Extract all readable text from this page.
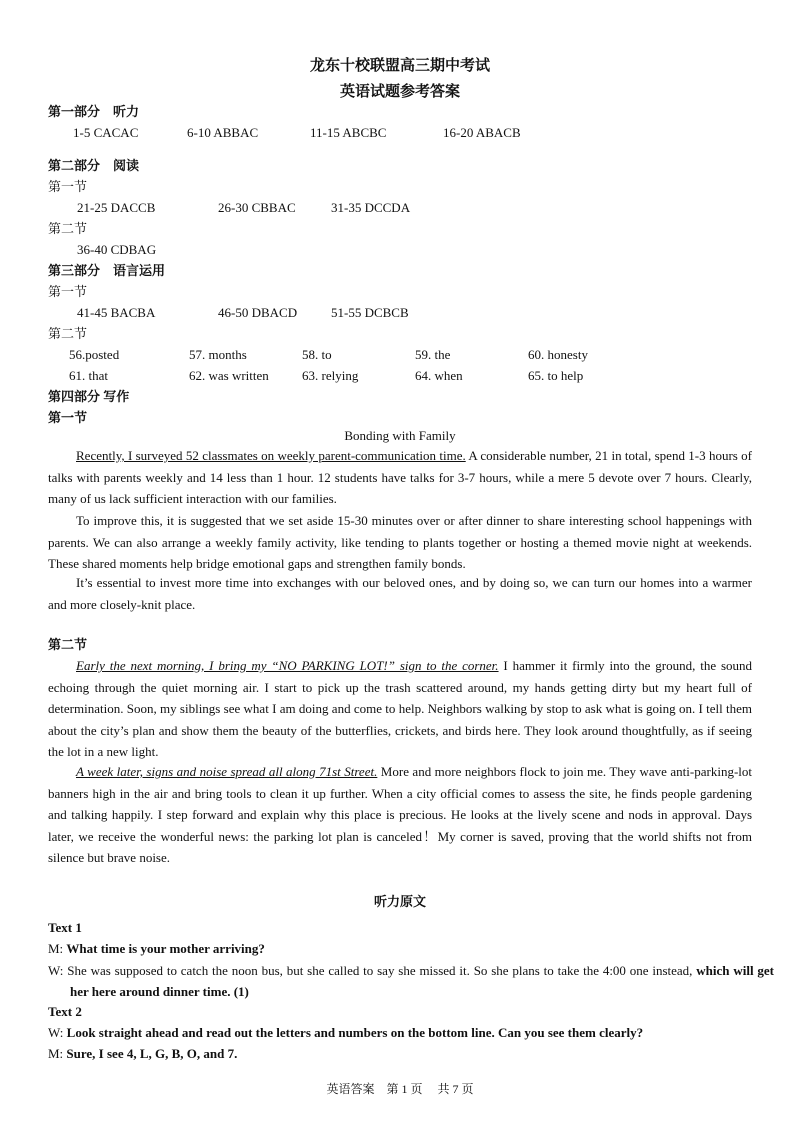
龙东十校联盟高三期中考试
英语试题参考答案
第一部分　听力
1-5 CACAC	6-10 ABBAC	11-15 ABCBC	16-20 ABACB
第二部分　阅读
第一节
21-25 DACCB	26-30 CBBAC	31-35 DCCDA
第二节
36-40 CDBAG
第三部分　语言运用
第一节
41-45 BACBA	46-50 DBACD	51-55 DCBCB
第二节
56.posted	57. months	58. to	59. the	60. honesty
61. that	62. was written	63. relying	64. when	65. to help
第四部分 写作
第一节
Bonding with Family
Recently, I surveyed 52 classmates on weekly parent-communication time. A considerable number, 21 in total, spend 1-3 hours of talks with parents weekly and 14 less than 1 hour. 12 students have talks for 3-7 hours, while a mere 5 devote over 7 hours. Clearly, many of us lack sufficient interaction with our families.
To improve this, it is suggested that we set aside 15-30 minutes over or after dinner to share interesting school happenings with parents. We can also arrange a weekly family activity, like tending to plants together or hosting a themed movie night at weekends. These shared moments help bridge emotional gaps and strengthen family bonds.
It’s essential to invest more time into exchanges with our beloved ones, and by doing so, we can turn our homes into a warmer and more closely-knit place.
第二节
Early the next morning, I bring my “NO PARKING LOT!” sign to the corner. I hammer it firmly into the ground, the sound echoing through the quiet morning air. I start to pick up the trash scattered around, my hands getting dirty but my heart full of determination. Soon, my siblings see what I am doing and come to help. Neighbors walking by stop to ask what is going on. I tell them about the city’s plan and show them the beauty of the butterflies, crickets, and birds here. They look around thoughtfully, as if seeing the lot in a new light.
A week later, signs and noise spread all along 71st Street. More and more neighbors flock to join me. They wave anti-parking-lot banners high in the air and bring tools to clean it up further. When a city official comes to assess the site, he finds people gardening and talking happily. I step forward and explain why this place is precious. He looks at the lively scene and nods in approval. Days later, we receive the wonderful news: the parking lot plan is canceled！My corner is saved, proving that the world shifts not from silence but brave noise.
听力原文
Text 1
M: What time is your mother arriving?
W: She was supposed to catch the noon bus, but she called to say she missed it. So she plans to take the 4:00 one instead, which will get her here around dinner time. (1)
Text 2
W: Look straight ahead and read out the letters and numbers on the bottom line. Can you see them clearly?
M: Sure, I see 4, L, G, B, O, and 7.
英语答案　第 1 页　 共 7 页
